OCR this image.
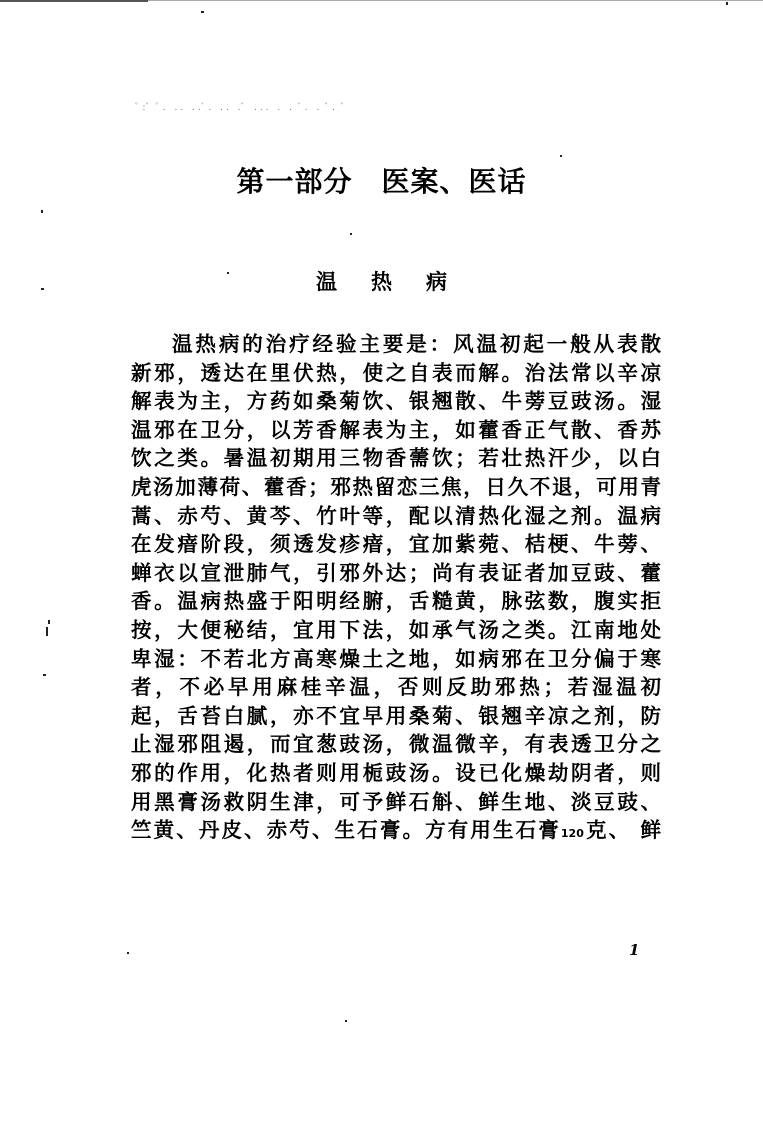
ﾟ:ﾞ ﾟ. .. ..ﾞ. .. .ﾞ ... . . ﾞ. . ﾞ. ﾞ
第一部分　医案、医话
温热病
温热病的治疗经验主要是：风温初起一般从表散
新邪，透达在里伏热，使之自表而解。治法常以辛凉
解表为主，方药如桑菊饮、银翘散、牛蒡豆豉汤。湿
温邪在卫分，以芳香解表为主，如藿香正气散、香苏
饮之类。暑温初期用三物香薷饮；若壮热汗少，以白
虎汤加薄荷、藿香；邪热留恋三焦，日久不退，可用青
蒿、赤芍、黄芩、竹叶等，配以清热化湿之剂。温病
在发瘖阶段，须透发疹瘖，宜加紫菀、桔梗、牛蒡、
蝉衣以宣泄肺气，引邪外达；尚有表证者加豆豉、藿
香。温病热盛于阳明经腑，舌糙黄，脉弦数，腹实拒
按，大便秘结，宜用下法，如承气汤之类。江南地处
卑湿：不若北方高寒燥土之地，如病邪在卫分偏于寒
者，不必早用麻桂辛温，否则反助邪热；若湿温初
起，舌苔白腻，亦不宜早用桑菊、银翘辛凉之剂，防
止湿邪阻遏，而宜葱豉汤，微温微辛，有表透卫分之
邪的作用，化热者则用栀豉汤。设已化燥劫阴者，则
用黑膏汤救阴生津，可予鲜石斛、鲜生地、淡豆豉、
竺黄、丹皮、赤芍、生石膏。方有用生石膏120克、 鲜
1
